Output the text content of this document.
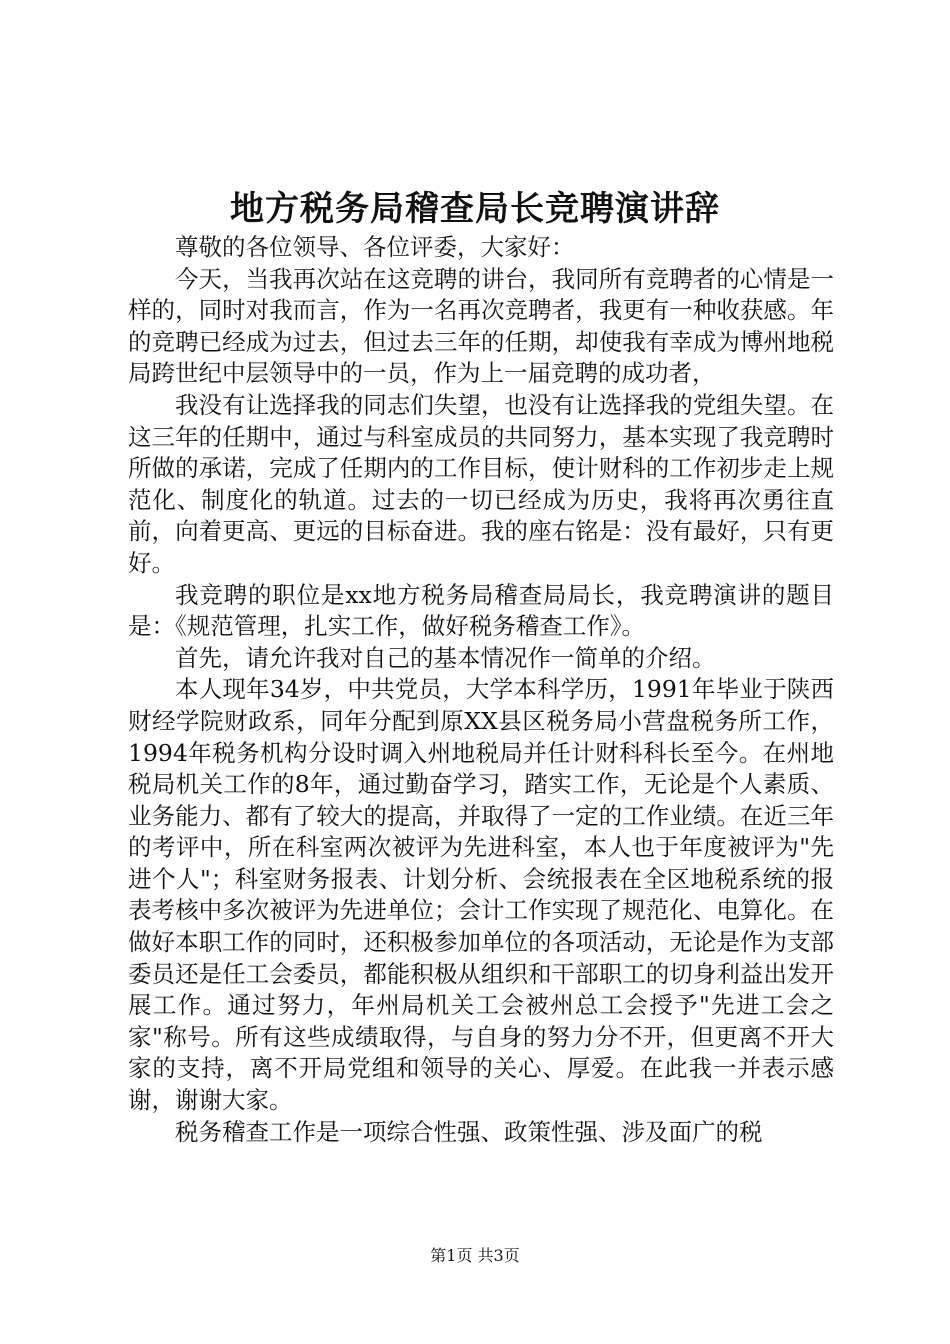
地方税务局稽查局长竞聘演讲辞

尊敬的各位领导、各位评委，大家好：

今天，当我再次站在这竞聘的讲台，我同所有竞聘者的心情是一样的，同时对我而言，作为一名再次竞聘者，我更有一种收获感。年的竞聘已经成为过去，但过去三年的任期，却使我有幸成为博州地税局跨世纪中层领导中的一员，作为上一届竞聘的成功者，

我没有让选择我的同志们失望，也没有让选择我的党组失望。在这三年的任期中，通过与科室成员的共同努力，基本实现了我竞聘时所做的承诺，完成了任期内的工作目标，使计财科的工作初步走上规范化、制度化的轨道。过去的一切已经成为历史，我将再次勇往直前，向着更高、更远的目标奋进。我的座右铭是：没有最好，只有更好。

我竞聘的职位是xx地方税务局稽查局局长，我竞聘演讲的题目是：《规范管理，扎实工作，做好税务稽查工作》。

首先，请允许我对自己的基本情况作一简单的介绍。

本人现年34岁，中共党员，大学本科学历，1991年毕业于陕西财经学院财政系，同年分配到原XX县区税务局小营盘税务所工作，1994年税务机构分设时调入州地税局并任计财科科长至今。在州地税局机关工作的8年，通过勤奋学习，踏实工作，无论是个人素质、业务能力、都有了较大的提高，并取得了一定的工作业绩。在近三年的考评中，所在科室两次被评为先进科室，本人也于年度被评为"先进个人"；科室财务报表、计划分析、会统报表在全区地税系统的报表考核中多次被评为先进单位；会计工作实现了规范化、电算化。在做好本职工作的同时，还积极参加单位的各项活动，无论是作为支部委员还是任工会委员，都能积极从组织和干部职工的切身利益出发开展工作。通过努力，年州局机关工会被州总工会授予"先进工会之家"称号。所有这些成绩取得，与自身的努力分不开，但更离不开大家的支持，离不开局党组和领导的关心、厚爱。在此我一并表示感谢，谢谢大家。

税务稽查工作是一项综合性强、政策性强、涉及面广的税

第1页 共3页
